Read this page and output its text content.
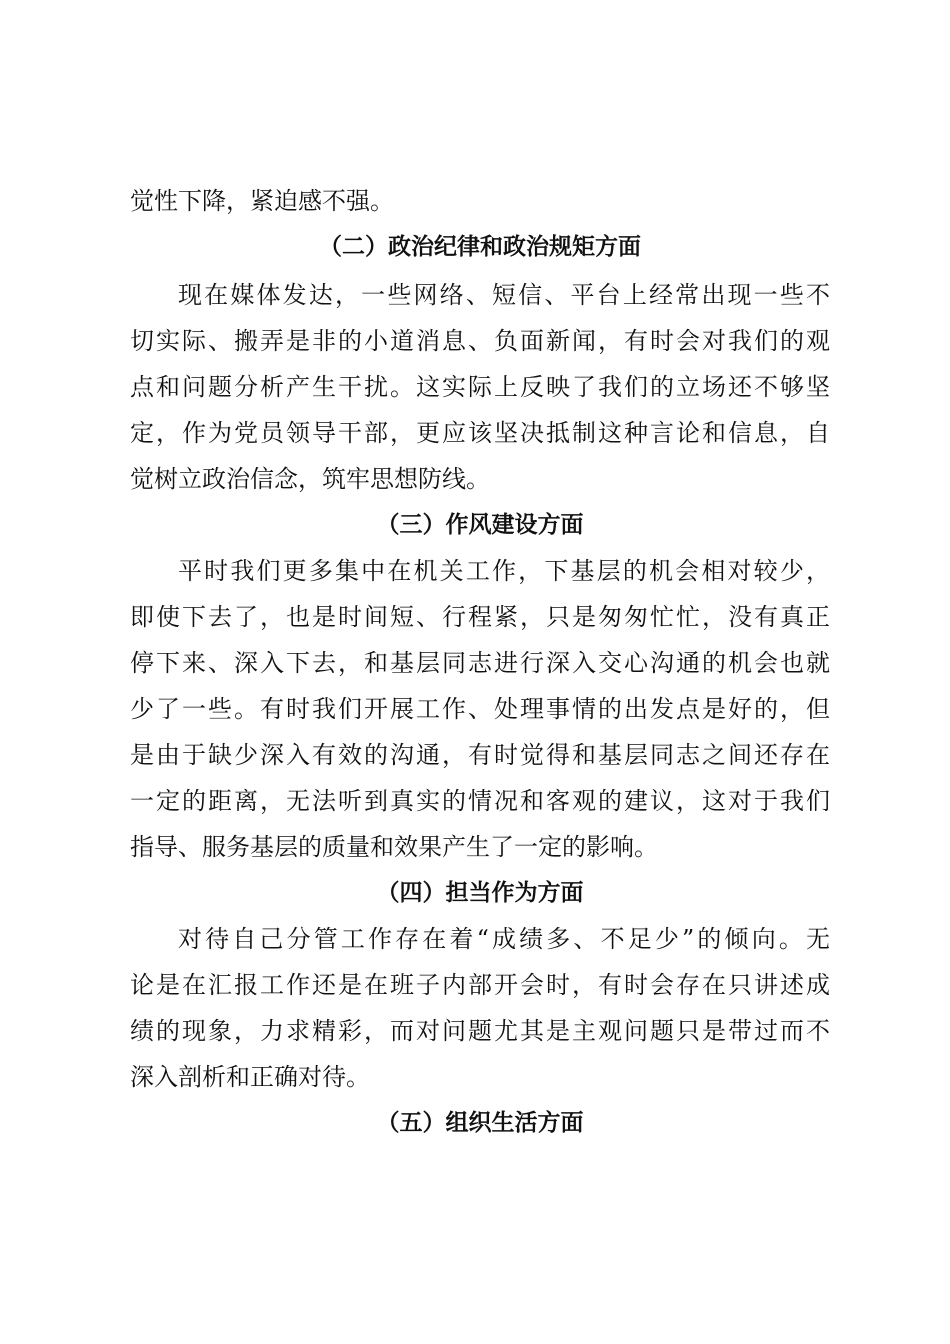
觉性下降，紧迫感不强。
（二）政治纪律和政治规矩方面
现在媒体发达，一些网络、短信、平台上经常出现一些不
切实际、搬弄是非的小道消息、负面新闻，有时会对我们的观
点和问题分析产生干扰。这实际上反映了我们的立场还不够坚
定，作为党员领导干部，更应该坚决抵制这种言论和信息，自
觉树立政治信念，筑牢思想防线。
（三）作风建设方面
平时我们更多集中在机关工作，下基层的机会相对较少，
即使下去了，也是时间短、行程紧，只是匆匆忙忙，没有真正
停下来、深入下去，和基层同志进行深入交心沟通的机会也就
少了一些。有时我们开展工作、处理事情的出发点是好的，但
是由于缺少深入有效的沟通，有时觉得和基层同志之间还存在
一定的距离，无法听到真实的情况和客观的建议，这对于我们
指导、服务基层的质量和效果产生了一定的影响。
（四）担当作为方面
对待自己分管工作存在着“成绩多、不足少”的倾向。无
论是在汇报工作还是在班子内部开会时，有时会存在只讲述成
绩的现象，力求精彩，而对问题尤其是主观问题只是带过而不
深入剖析和正确对待。
（五）组织生活方面
